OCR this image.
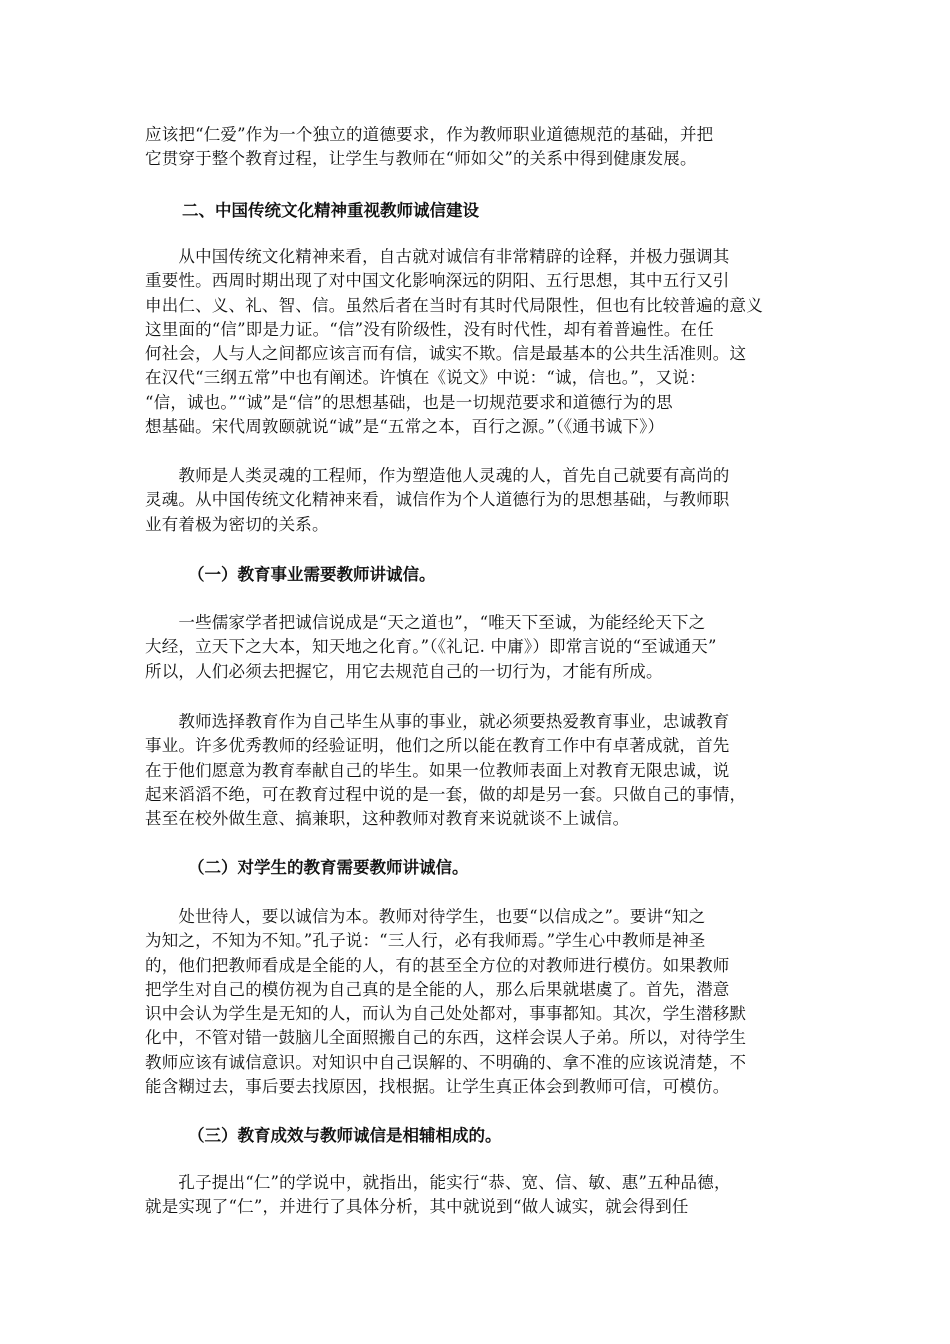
应该把“仁爱”作为一个独立的道德要求，作为教师职业道德规范的基础，并把
它贯穿于整个教育过程，让学生与教师在“师如父”的关系中得到健康发展。
二、中国传统文化精神重视教师诚信建设
　　从中国传统文化精神来看，自古就对诚信有非常精辟的诠释，并极力强调其
重要性。西周时期出现了对中国文化影响深远的阴阳、五行思想，其中五行又引
申出仁、义、礼、智、信。虽然后者在当时有其时代局限性，但也有比较普遍的意义
这里面的“信”即是力证。“信”没有阶级性，没有时代性，却有着普遍性。在任
何社会，人与人之间都应该言而有信，诚实不欺。信是最基本的公共生活准则。这
在汉代“三纲五常”中也有阐述。许慎在《说文》中说：“诚，信也。”，又说：
“信，诚也。”“诚”是“信”的思想基础，也是一切规范要求和道德行为的思
想基础。宋代周敦颐就说“诚”是“五常之本，百行之源。”（《通书诚下》）
　　教师是人类灵魂的工程师，作为塑造他人灵魂的人，首先自己就要有高尚的
灵魂。从中国传统文化精神来看，诚信作为个人道德行为的思想基础，与教师职
业有着极为密切的关系。
（一）教育事业需要教师讲诚信。
　　一些儒家学者把诚信说成是“天之道也”，“唯天下至诚，为能经纶天下之
大经，立天下之大本，知天地之化育。”（《礼记. 中庸》）即常言说的“至诚通天”
所以，人们必须去把握它，用它去规范自己的一切行为，才能有所成。
　　教师选择教育作为自己毕生从事的事业，就必须要热爱教育事业，忠诚教育
事业。许多优秀教师的经验证明，他们之所以能在教育工作中有卓著成就，首先
在于他们愿意为教育奉献自己的毕生。如果一位教师表面上对教育无限忠诚，说
起来滔滔不绝，可在教育过程中说的是一套，做的却是另一套。只做自己的事情，
甚至在校外做生意、搞兼职，这种教师对教育来说就谈不上诚信。
（二）对学生的教育需要教师讲诚信。
　　处世待人，要以诚信为本。教师对待学生，也要“以信成之”。要讲“知之
为知之，不知为不知。”孔子说：“三人行，必有我师焉。”学生心中教师是神圣
的，他们把教师看成是全能的人，有的甚至全方位的对教师进行模仿。如果教师
把学生对自己的模仿视为自己真的是全能的人，那么后果就堪虞了。首先，潜意
识中会认为学生是无知的人，而认为自己处处都对，事事都知。其次，学生潜移默
化中，不管对错一鼓脑儿全面照搬自己的东西，这样会误人子弟。所以，对待学生
教师应该有诚信意识。对知识中自己误解的、不明确的、拿不准的应该说清楚，不
能含糊过去，事后要去找原因，找根据。让学生真正体会到教师可信，可模仿。
（三）教育成效与教师诚信是相辅相成的。
　　孔子提出“仁”的学说中，就指出，能实行“恭、宽、信、敏、惠”五种品德，
就是实现了“仁”，并进行了具体分析，其中就说到“做人诚实，就会得到任
